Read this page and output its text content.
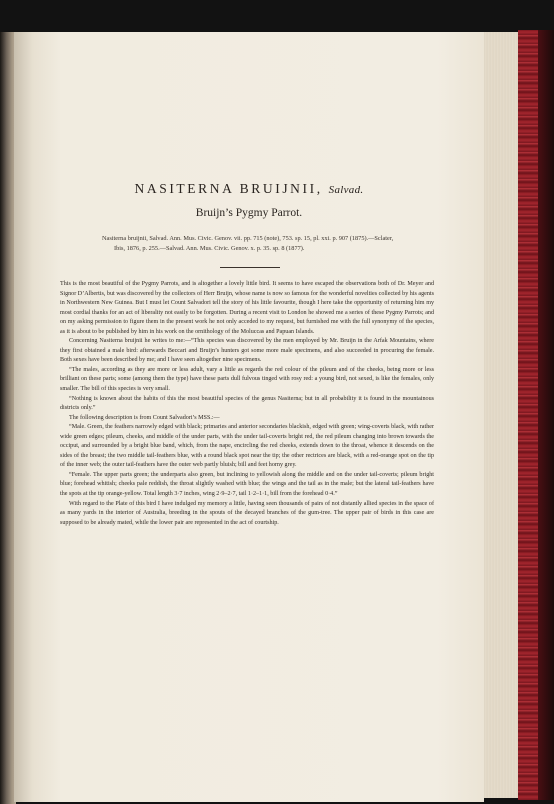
NASITERNA BRUIJNII, Salvad.
Bruijn’s Pygmy Parrot.

Nasiterna bruijnii, Salvad. Ann. Mus. Civic. Genov. vii. pp. 715 (note), 753. sp. 15, pl. xxi. p. 907 (1875).—Sclater,

Ibis, 1876, p. 255.—Salvad. Ann. Mus. Civic. Genov. x. p. 35. sp. 8 (1877).

This is the most beautiful of the Pygmy Parrots, and is altogether a lovely little bird. It seems to have escaped the observations both of Dr. Meyer and Signor D’Albertis, but was discovered by the collectors of Herr Bruijn, whose name is now so famous for the wonderful novelties collected by his agents in Northwestern New Guinea. But I must let Count Salvadori tell the story of his little favourite, though I here take the opportunity of returning him my most cordial thanks for an act of liberality not easily to be forgotten. During a recent visit to London he showed me a series of these Pygmy Parrots; and on my asking permission to figure them in the present work he not only acceded to my request, but furnished me with the full synonymy of the species, as it is about to be published by him in his work on the ornithology of the Moluccas and Papuan Islands.

Concerning Nasiterna bruijnii he writes to me:—“This species was discovered by the men employed by Mr. Bruijn in the Arfak Mountains, where they first obtained a male bird: afterwards Beccari and Bruijn’s hunters got some more male specimens, and also succeeded in procuring the female. Both sexes have been described by me; and I have seen altogether nine specimens.

“The males, according as they are more or less adult, vary a little as regards the red colour of the pileum and of the cheeks, being more or less brilliant on these parts; some (among them the type) have these parts dull fulvous tinged with rosy red: a young bird, not sexed, is like the females, only smaller. The bill of this species is very small.

“Nothing is known about the habits of this the most beautiful species of the genus Nasiterna; but in all probability it is found in the mountainous districts only.”

The following description is from Count Salvadori’s MSS.:—

“Male. Green, the feathers narrowly edged with black; primaries and anterior secondaries blackish, edged with green; wing-coverts black, with rather wide green edges; pileum, cheeks, and middle of the under parts, with the under tail-coverts bright red, the red pileum changing into brown towards the occiput, and surrounded by a bright blue band, which, from the nape, encircling the red cheeks, extends down to the throat, whence it descends on the sides of the breast; the two middle tail-feathers blue, with a round black spot near the tip; the other rectrices are black, with a red-orange spot on the tip of the inner web; the outer tail-feathers have the outer web partly bluish; bill and feet horny grey.

“Female. The upper parts green; the underparts also green, but inclining to yellowish along the middle and on the under tail-coverts; pileum bright blue; forehead whitish; cheeks pale reddish, the throat slightly washed with blue; the wings and the tail as in the male; but the lateral tail-feathers have the spots at the tip orange-yellow. Total length 3·7 inches, wing 2·9–2·7, tail 1·2–1·1, bill from the forehead 0·4.”

With regard to the Plate of this bird I have indulged my memory a little, having seen thousands of pairs of not distantly allied species in the space of as many yards in the interior of Australia, breeding in the spouts of the decayed branches of the gum-tree. The upper pair of birds in this case are supposed to be already mated, while the lower pair are represented in the act of courtship.
